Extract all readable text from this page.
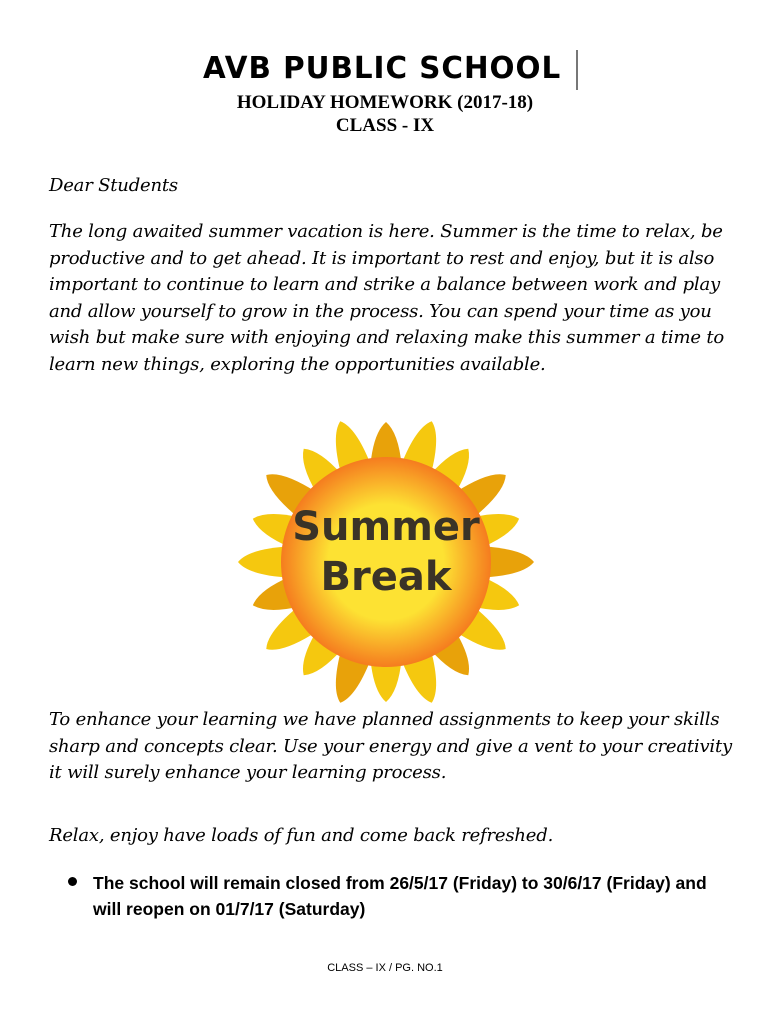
AVB PUBLIC SCHOOL
HOLIDAY HOMEWORK (2017-18)
CLASS - IX
Dear Students
The long awaited summer vacation is here. Summer is the time to relax, be productive and to get ahead. It is important to rest and enjoy, but it is also important to continue to learn and strike a balance between work and play and allow yourself to grow in the process. You can spend your time as you wish but make sure with enjoying and relaxing make this summer a time to learn new things, exploring the opportunities available.
Summer
Break
To enhance your learning we have planned assignments to keep your skills sharp and concepts clear. Use your energy and give a vent to your creativity it will surely enhance your learning process.
Relax, enjoy have loads of fun and come back refreshed.
The school will remain closed from 26/5/17 (Friday) to 30/6/17 (Friday) and will reopen on 01/7/17 (Saturday)
CLASS – IX / PG. NO.1
